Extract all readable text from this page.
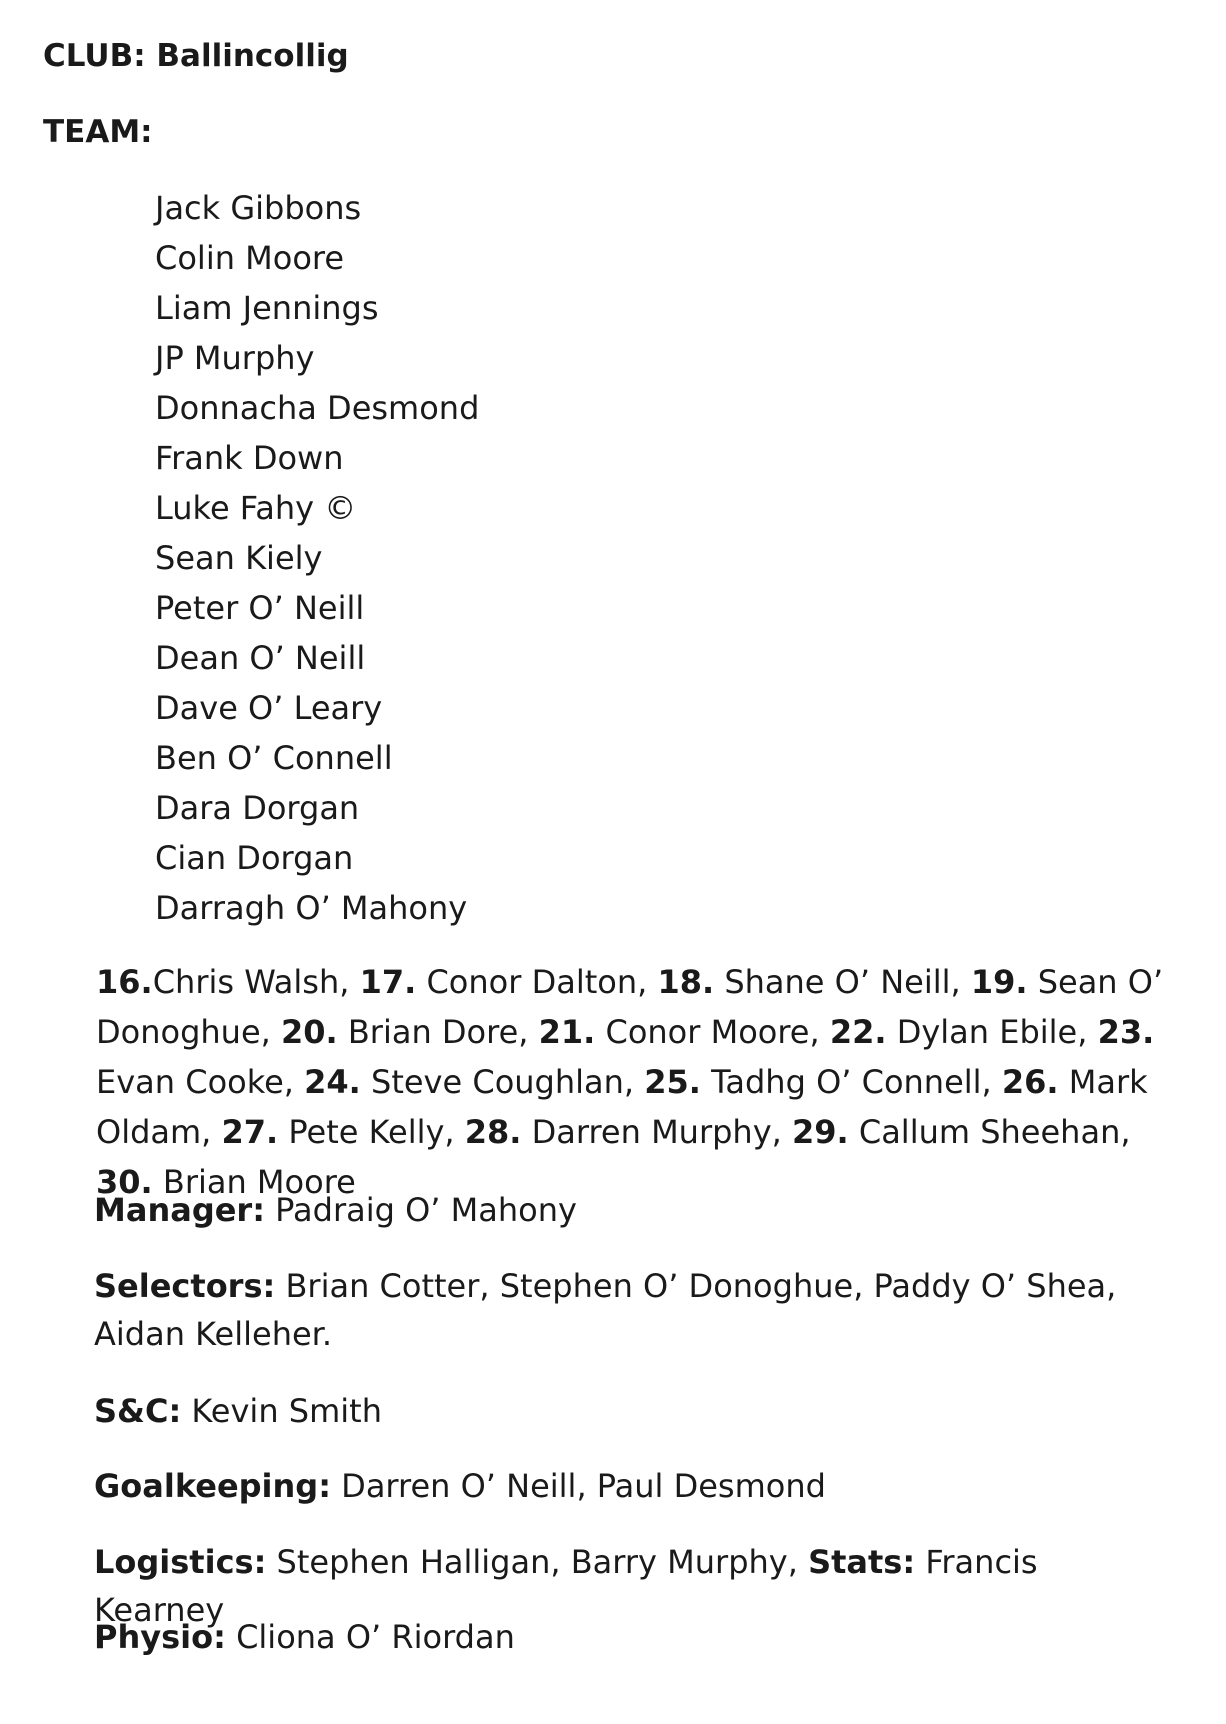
CLUB: Ballincollig
TEAM:
Jack Gibbons
Colin Moore
Liam Jennings
JP Murphy
Donnacha Desmond
Frank Down
Luke Fahy ©
Sean Kiely
Peter O’ Neill
Dean O’ Neill
Dave O’ Leary
Ben O’ Connell
Dara Dorgan
Cian Dorgan
Darragh O’ Mahony

16.Chris Walsh, 17. Conor Dalton, 18. Shane O’ Neill, 19. Sean O’ Donoghue, 20. Brian Dore, 21. Conor Moore, 22. Dylan Ebile, 23. Evan Cooke, 24. Steve Coughlan, 25. Tadhg O’ Connell, 26. Mark Oldam, 27. Pete Kelly, 28. Darren Murphy, 29. Callum Sheehan, 30. Brian Moore

Manager: Padraig O’ Mahony

Selectors: Brian Cotter, Stephen O’ Donoghue, Paddy O’ Shea, Aidan Kelleher.

S&C: Kevin Smith

Goalkeeping: Darren O’ Neill, Paul Desmond

Logistics: Stephen Halligan, Barry Murphy, Stats: Francis Kearney

Physio: Cliona O’ Riordan
